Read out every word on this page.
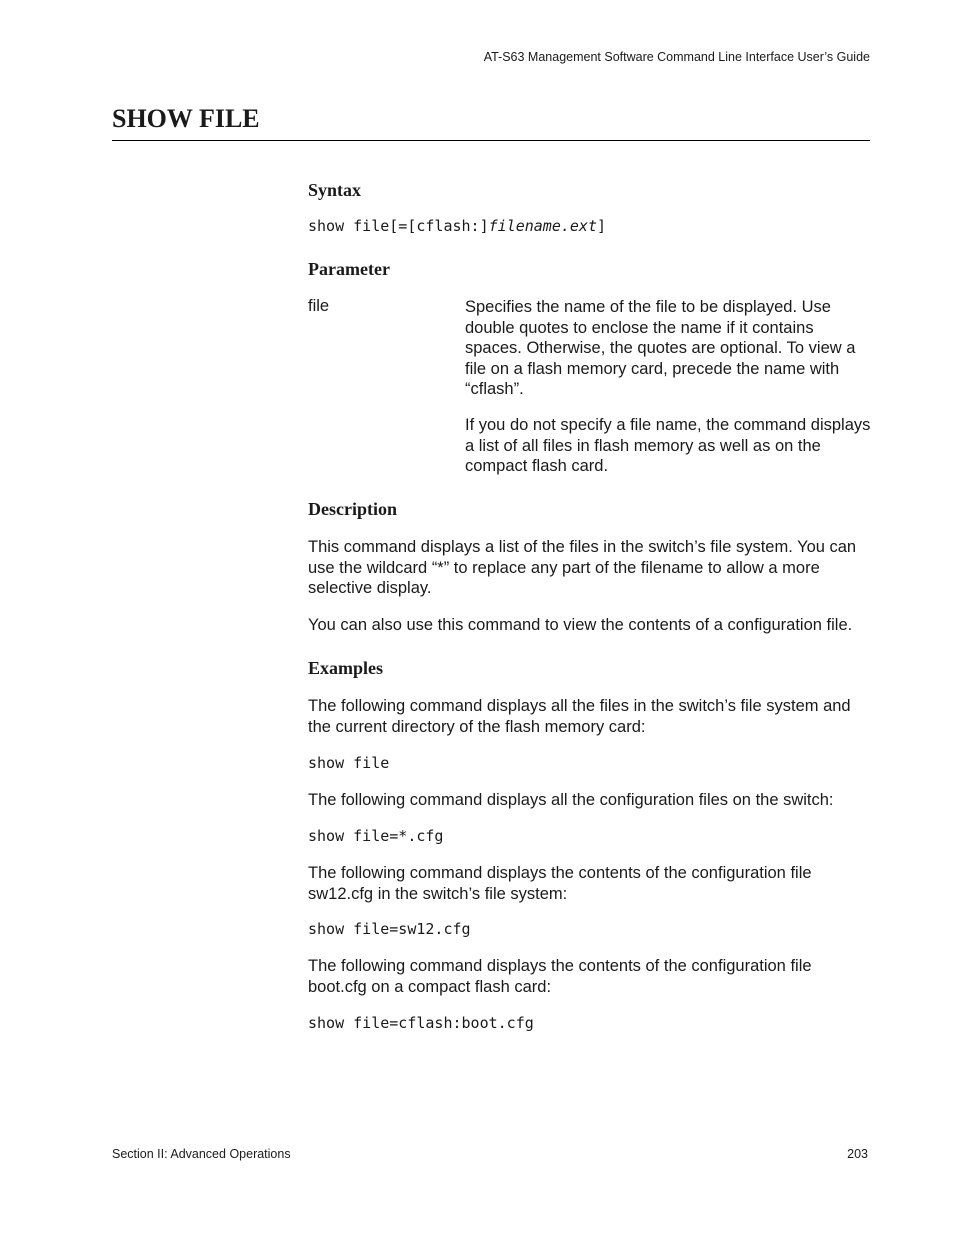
AT-S63 Management Software Command Line Interface User’s Guide
SHOW FILE
Syntax
show file[=[cflash:]filename.ext]
Parameter
file	Specifies the name of the file to be displayed. Use double quotes to enclose the name if it contains spaces. Otherwise, the quotes are optional. To view a file on a flash memory card, precede the name with “cflash”.

If you do not specify a file name, the command displays a list of all files in flash memory as well as on the compact flash card.

Description

This command displays a list of the files in the switch’s file system. You can use the wildcard “*” to replace any part of the filename to allow a more selective display.

You can also use this command to view the contents of a configuration file.

Examples

The following command displays all the files in the switch’s file system and the current directory of the flash memory card:

show file

The following command displays all the configuration files on the switch:

show file=*.cfg

The following command displays the contents of the configuration file sw12.cfg in the switch’s file system:

show file=sw12.cfg

The following command displays the contents of the configuration file boot.cfg on a compact flash card:

show file=cflash:boot.cfg
Section II: Advanced Operations	203
